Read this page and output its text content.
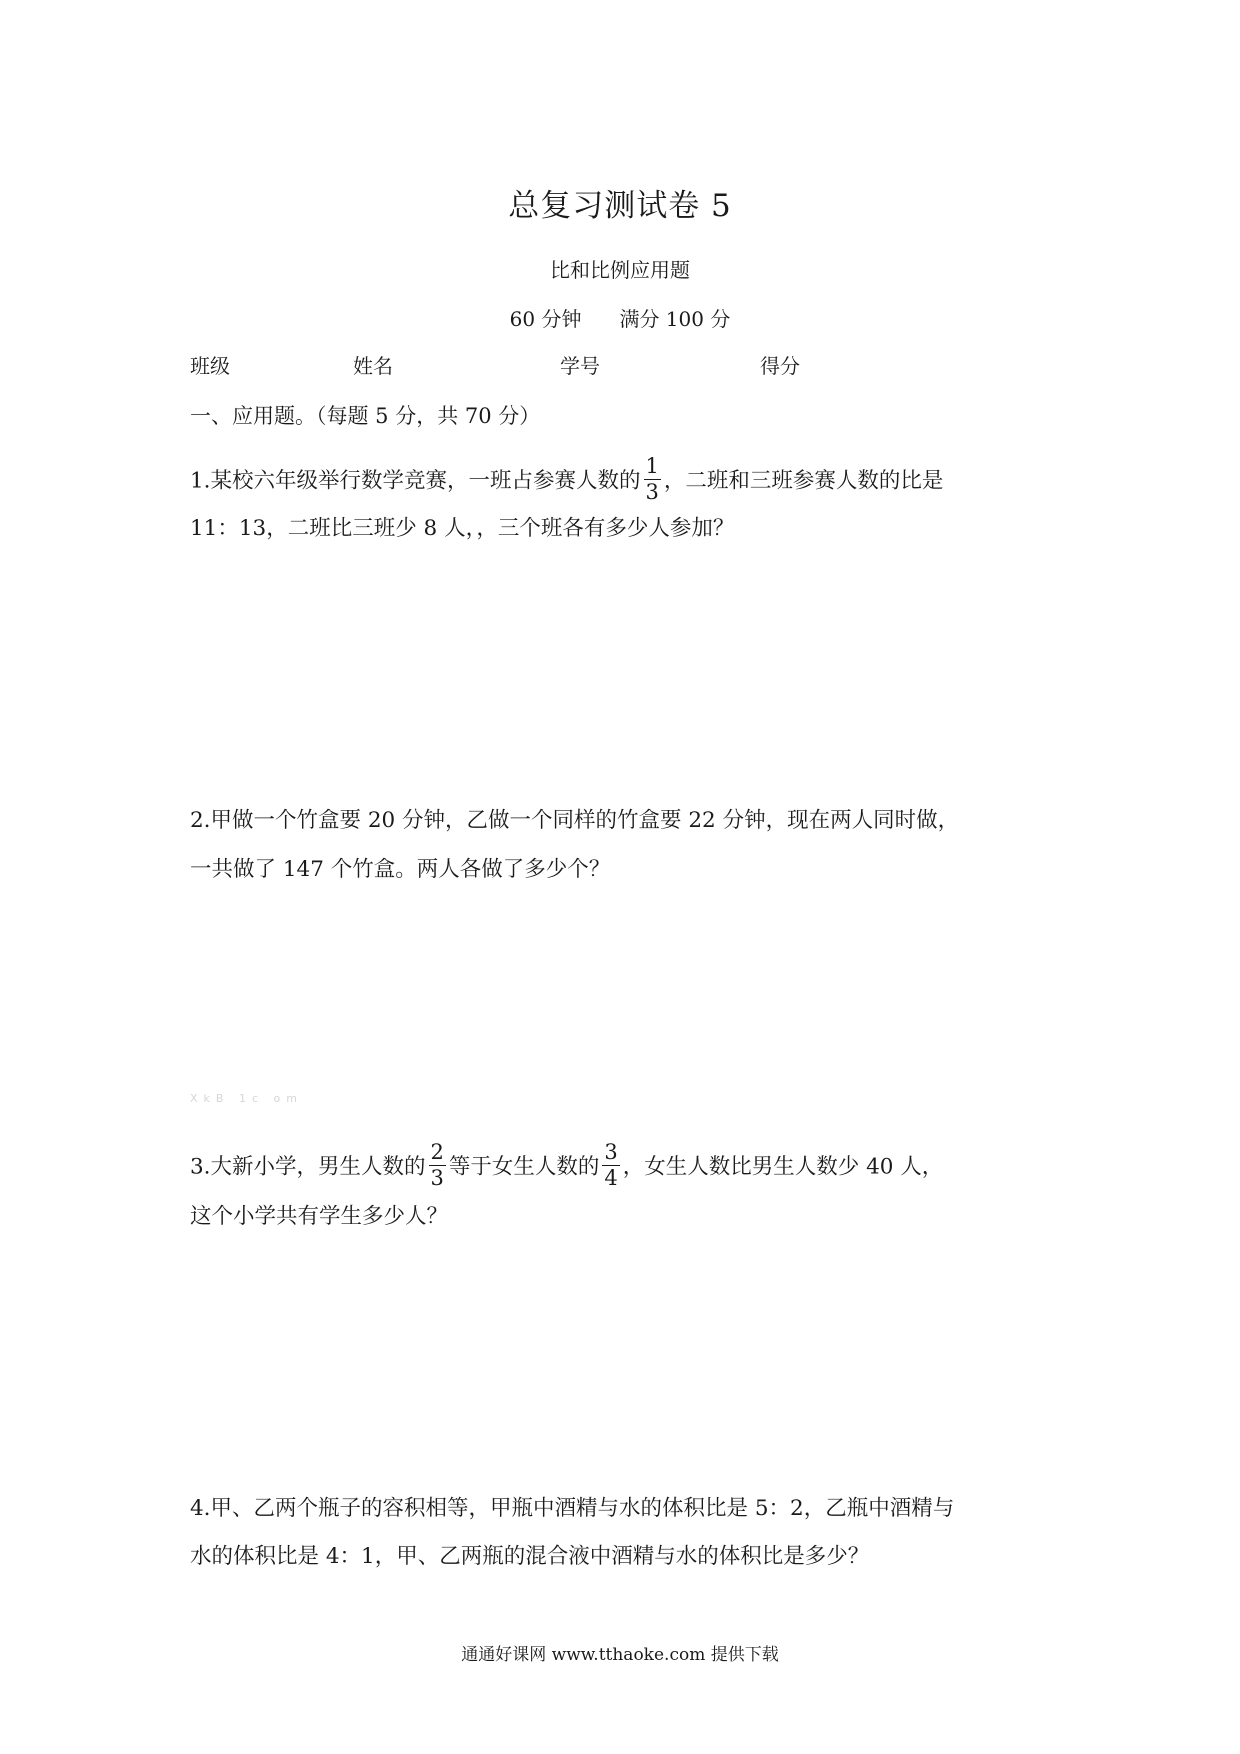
总复习测试卷 5
比和比例应用题
60 分钟 满分 100 分
班级	姓名	学号	得分
一、应用题。（每题 5 分，共 70 分）
1.某校六年级举行数学竞赛，一班占参赛人数的 $\frac{1}{3}$ ，二班和三班参赛人数的比是
11：13，二班比三班少 8 人，，三个班各有多少人参加？
2.甲做一个竹盒要 20 分钟，乙做一个同样的竹盒要 22 分钟，现在两人同时做，
一共做了 147 个竹盒。两人各做了多少个？
XkB 1c om
3.大新小学，男生人数的 $\frac{2}{3}$ 等于女生人数的 $\frac{3}{4}$ ，女生人数比男生人数少 40 人，
这个小学共有学生多少人？
4.甲、乙两个瓶子的容积相等，甲瓶中酒精与水的体积比是 5：2，乙瓶中酒精与
水的体积比是 4：1，甲、乙两瓶的混合液中酒精与水的体积比是多少？
通通好课网 www.tthaoke.com 提供下载
